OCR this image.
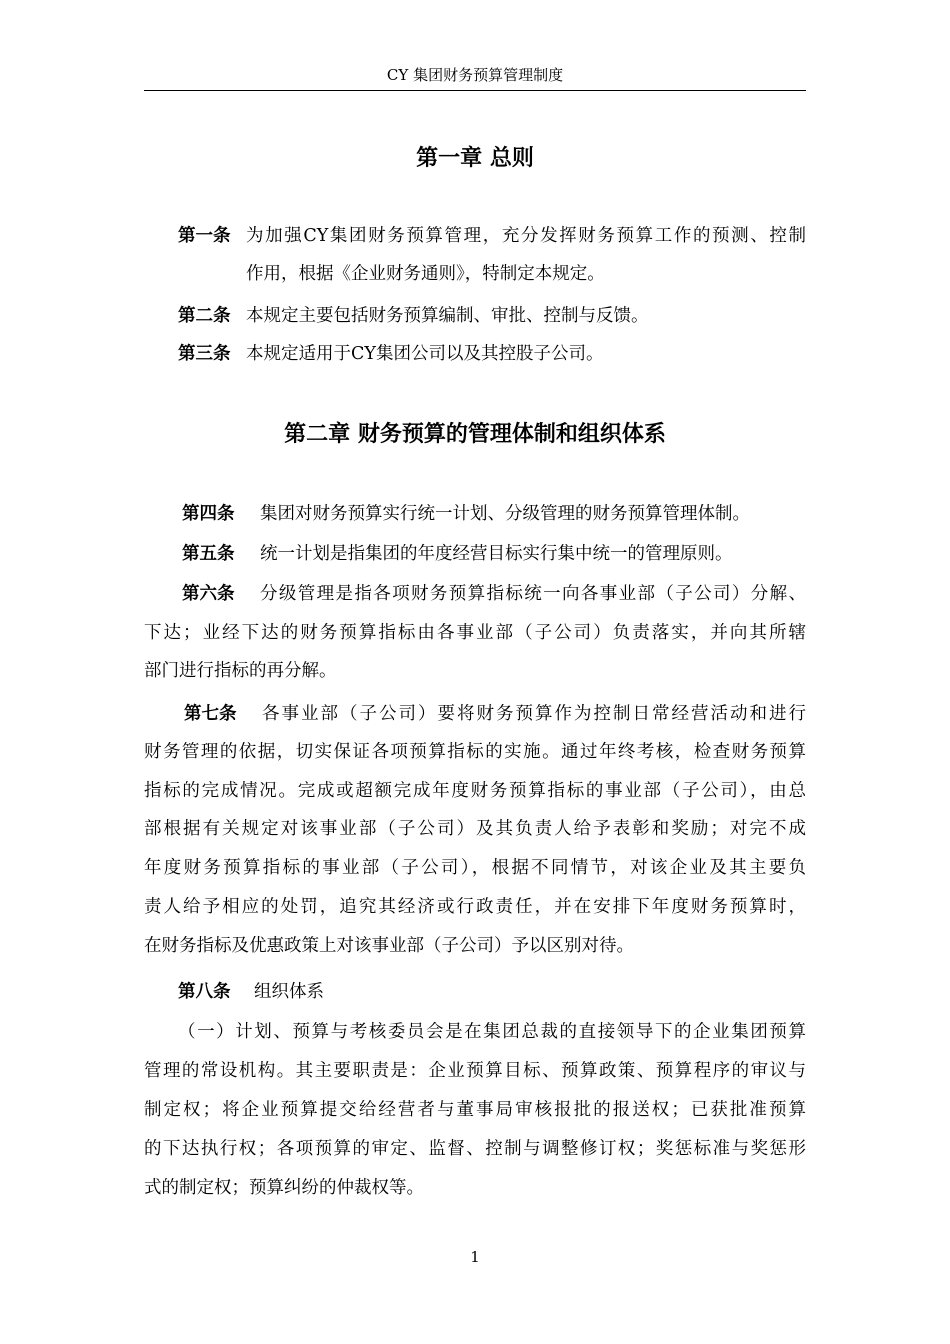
CY 集团财务预算管理制度
第一章 总则
第一条 为加强CY集团财务预算管理，充分发挥财务预算工作的预测、控制
作用，根据《企业财务通则》，特制定本规定。
第二条 本规定主要包括财务预算编制、审批、控制与反馈。
第三条 本规定适用于CY集团公司以及其控股子公司。
第二章 财务预算的管理体制和组织体系
第四条 集团对财务预算实行统一计划、分级管理的财务预算管理体制。
第五条 统一计划是指集团的年度经营目标实行集中统一的管理原则。
第六条 分级管理是指各项财务预算指标统一向各事业部（子公司）分解、
下达；业经下达的财务预算指标由各事业部（子公司）负责落实，并向其所辖
部门进行指标的再分解。
第七条 各事业部（子公司）要将财务预算作为控制日常经营活动和进行
财务管理的依据，切实保证各项预算指标的实施。通过年终考核，检查财务预算
指标的完成情况。完成或超额完成年度财务预算指标的事业部（子公司），由总
部根据有关规定对该事业部（子公司）及其负责人给予表彰和奖励；对完不成
年度财务预算指标的事业部（子公司），根据不同情节，对该企业及其主要负
责人给予相应的处罚，追究其经济或行政责任，并在安排下年度财务预算时，
在财务指标及优惠政策上对该事业部（子公司）予以区别对待。
第八条 组织体系
（一）计划、预算与考核委员会是在集团总裁的直接领导下的企业集团预算
管理的常设机构。其主要职责是：企业预算目标、预算政策、预算程序的审议与
制定权；将企业预算提交给经营者与董事局审核报批的报送权；已获批准预算
的下达执行权；各项预算的审定、监督、控制与调整修订权；奖惩标准与奖惩形
式的制定权；预算纠纷的仲裁权等。
1
